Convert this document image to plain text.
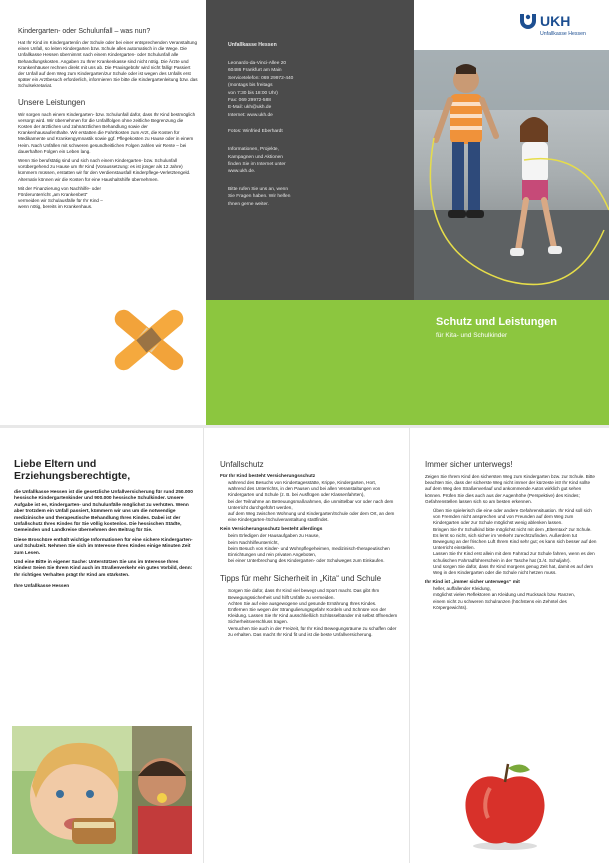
Kindergarten- oder Schulunfall – was nun?

Hat Ihr Kind im Kindergarten/in der Schule oder bei einer entsprechenden Veranstaltung einen Unfall, so leiten Kindergarten bzw. Schule alles automatisch in die Wege. Die Unfallkasse Hessen übernimmt nach einem Kindergarten- oder Schulunfall alle Behandlungskosten. Angaben zu Ihrer Krankenkasse sind nicht nötig. Die Ärzte und Krankenhäuser rechnen direkt mit uns ab. Die Praxisgebühr wird nicht fällig! Passiert der Unfall auf dem Weg zum Kindergarten/zur Schule oder ist wegen des Unfalls erst später ein Arztbesuch erforderlich, informieren Sie bitte die Kindergartenleitung bzw. das Schulsekretariat.

Unsere Leistungen

Wir sorgen nach einem Kindergarten- bzw. Schulunfall dafür, dass Ihr Kind bestmöglich versorgt wird. Wir übernehmen für die Unfallfolgen ohne zeitliche Begrenzung die Kosten der ärztlichen und zahnärztlichen Behandlung sowie der Krankenhausaufenthalte. Wir erstatten die Fahrtkosten zum Arzt, die Kosten für Medikamente und Krankengymnastik sowie ggf. Pflegekosten zu Hause oder in einem Heim. Nach Unfällen mit schweren gesundheitlichen Folgen zahlen wir Rente – bei dauerhaften Folgen ein Leben lang.

Wenn Sie berufstätig sind und sich nach einem Kindergarten- bzw. Schulunfall vorübergehend zu Hause um Ihr Kind (Voraussetzung: es ist jünger als 12 Jahre) kümmern müssen, erstatten wir für den Verdienstausfall Kinderpflege-Verletztengeld. Alternativ können wir die Kosten für eine Haushaltshilfe übernehmen.

Mit der Finanzierung von Nachhilfe- oder Förderunterricht „am Krankenbett“ vermeiden wir Schulausfälle für Ihr Kind – wenn nötig, bereits im Krankenhaus.

Unfallkasse Hessen
Leonardo-da-Vinci-Allee 20
60486 Frankfurt am Main
Servicetelefon: 069 29972-440
(montags bis freitags
von 7:30 bis 18:00 Uhr)
Fax: 069 29972-588
E-Mail: ukh@ukh.de
Internet: www.ukh.de
Fotos: Winfried Eberhardt
Informationen, Projekte,
Kampagnen und Aktionen
finden Sie im Internet unter
www.ukh.de.
Bitte rufen Sie uns an, wenn
Sie Fragen haben. Wir helfen
Ihnen gerne weiter.
UKH
Unfallkasse Hessen
Schutz und Leistungen
für Kita- und Schulkinder
Liebe Eltern und
Erziehungsberechtigte,

die Unfallkasse Hessen ist die gesetzliche Unfallversicherung für rund 250.000 hessische Kindergartenkinder und 900.000 hessische Schulkinder. Unsere Aufgabe ist es, Kindergarten- und Schulunfälle möglichst zu verhüten. Wenn aber trotzdem ein Unfall passiert, kümmern wir uns um die notwendige medizinische und therapeutische Behandlung Ihres Kindes. Dabei ist der Unfallschutz Ihres Kindes für Sie völlig kostenlos. Die hessischen Städte, Gemeinden und Landkreise übernehmen den Beitrag für Sie.

Diese Broschüre enthält wichtige Informationen für eine sichere Kindergarten- und Schulzeit. Nehmen Sie sich im Interesse Ihres Kindes einige Minuten Zeit zum Lesen.

Und eine Bitte in eigener Sache: Unterstützen Sie uns im Interesse Ihres Kindes! Seien Sie Ihrem Kind auch im Straßenverkehr ein gutes Vorbild, denn: Ihr richtiges Verhalten prägt Ihr Kind am stärksten.

Ihre Unfallkasse Hessen

Unfallschutz
Für Ihr Kind besteht Versicherungsschutz
• während des Besuchs von Kindertagesstätte, Krippe, Kindergarten, Hort,
• während des Unterrichts, in den Pausen und bei allen Veranstaltungen von Kindergarten und Schule (z. B. bei Ausflügen oder Klassenfahrten),
• bei der Teilnahme an Betreuungsmaßnahmen, die unmittelbar vor oder nach dem Unterricht durchgeführt werden,
• auf dem Weg zwischen Wohnung und Kindergarten/Schule oder dem Ort, an dem eine Kindergarten-/Schulveranstaltung stattfindet.
Kein Versicherungsschutz besteht allerdings
• beim Erledigen der Hausaufgaben zu Hause,
• beim Nachhilfeunterricht,
• beim Besuch von Kinder- und Wohnpflegeheimen, medizinisch-therapeutischen Einrichtungen und rein privaten Angeboten,
• bei einer Unterbrechung des Kindergarten- oder Schulweges zum Einkaufen.
Tipps für mehr Sicherheit in „Kita“ und Schule
• Sorgen Sie dafür, dass Ihr Kind viel bewegt und Sport macht. Das gibt Ihm Bewegungssicherheit und hilft Unfälle zu vermeiden.
• Achten Sie auf eine ausgewogene und gesunde Ernährung Ihres Kindes.
• Entfernen Sie wegen der Strangulierungsgefahr Kordeln und Schnüre von der Kleidung. Lassen Sie Ihr Kind ausschließlich Schlüsselbänder mit selbst öffnendem Sicherheitsverschluss tragen.
• Versuchen Sie auch in der Freizeit, für Ihr Kind Bewegungsräume zu schaffen oder zu erhalten. Das macht Ihr Kind fit und ist die beste Unfallversicherung.
Immer sicher unterwegs!

Zeigen Sie Ihrem Kind den sichersten Weg zum Kindergarten bzw. zur Schule. Bitte beachten Sie, dass der sicherste Weg nicht immer der kürzeste ist! Ihr Kind sollte auf dem Weg den Straßenverlauf und ankommende Autos wirklich gut sehen können. Prüfen Sie dies auch aus der Augenhöhe (Perspektive) des Kindes; Gefahrenstellen lassen sich so am besten erkennen.

• Üben Sie spielerisch die eine oder andere Gefahrensituation. Ihr Kind soll sich von Fremden nicht ansprechen und von Freunden auf dem Weg zum Kindergarten oder zur Schule möglichst wenig ablenken lassen.
• Bringen Sie Ihr Schulkind bitte möglichst nicht mit dem „Elterntaxi“ zur Schule. Es lernt so nicht, sich sicher im Verkehr zurechtzufinden. Außerdem tut Bewegung an der frischen Luft Ihrem Kind sehr gut; es kann sich besser auf den Unterricht einstellen.
• Lassen Sie Ihr Kind erst allein mit dem Fahrrad zur Schule fahren, wenn es den schulischen Fahrradführerschein in der Tasche hat (3./4. Schuljahr).
• Und sorgen Sie dafür, dass Ihr Kind morgens genug Zeit hat, damit es auf dem Weg in den Kindergarten oder die Schule nicht hetzen muss.
Ihr Kind ist „immer sicher unterwegs“ mit
• heller, auffallender Kleidung,
• möglichst vielen Reflektoren an Kleidung und Rucksack bzw. Ranzen,
• einem nicht zu schweren Schulranzen (höchstens ein Zehntel des Körpergewichts).
